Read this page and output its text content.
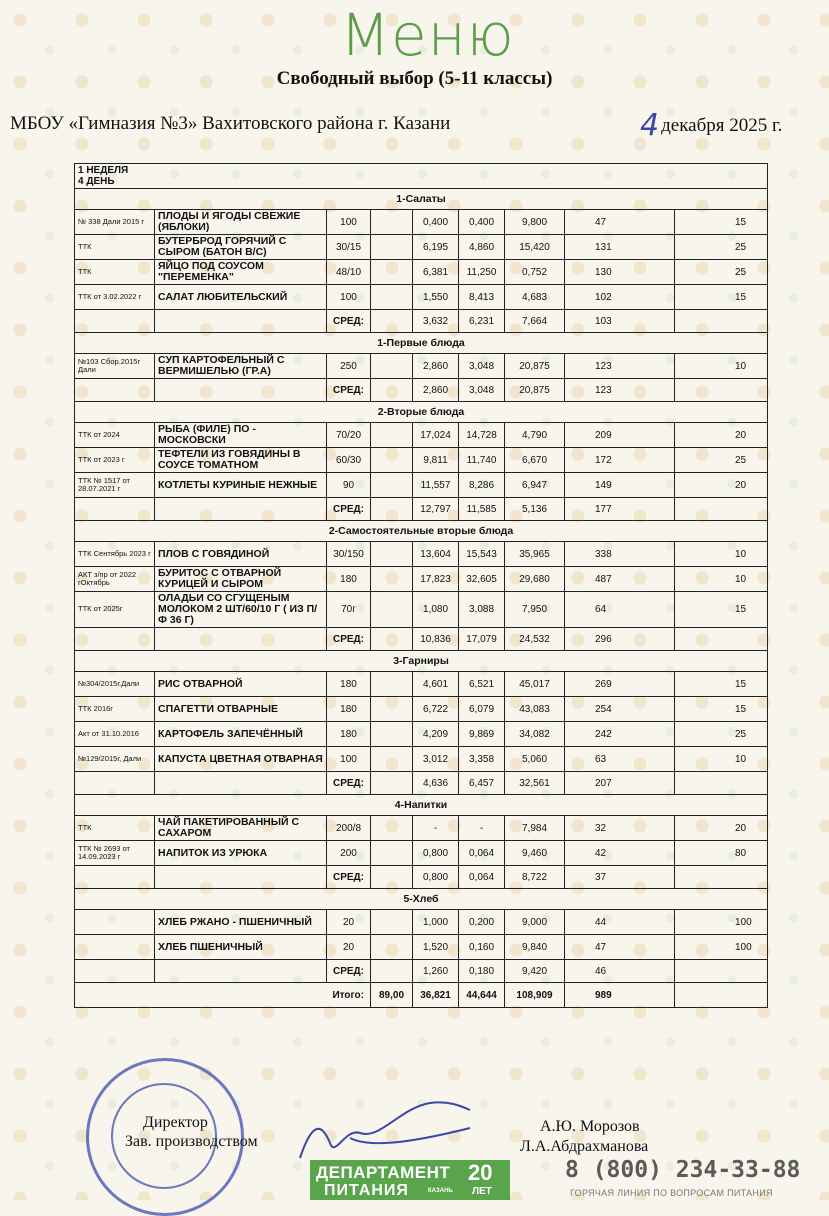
Меню
Свободный выбор (5-11 классы)
МБОУ «Гимназия №3» Вахитовского района г. Казани	4 декабря 2025 г.
1 НЕДЕЛЯ
4 ДЕНЬ								

1-Салаты								
№ 338 Дали 2015 г	ПЛОДЫ И ЯГОДЫ СВЕЖИЕ (ЯБЛОКИ)	100		0,400	0,400	9,800	47	15
ТТК	БУТЕРБРОД ГОРЯЧИЙ С СЫРОМ (БАТОН В/С)	30/15		6,195	4,860	15,420	131	25
ТТК	ЯЙЦО ПОД СОУСОМ "ПЕРЕМЕНКА"	48/10		6,381	11,250	0,752	130	25
ТТК от 3.02.2022 г	САЛАТ ЛЮБИТЕЛЬСКИЙ	100		1,550	8,413	4,683	102	15
		СРЕД:		3,632	6,231	7,664	103	
1-Первые блюда								
№103 Сбор.2015г Дали	СУП КАРТОФЕЛЬНЫЙ С ВЕРМИШЕЛЬЮ (ГР.А)	250		2,860	3,048	20,875	123	10
		СРЕД:		2,860	3,048	20,875	123	
2-Вторые блюда								
ТТК от 2024	РЫБА (ФИЛЕ) ПО - МОСКОВСКИ	70/20		17,024	14,728	4,790	209	20
ТТК от 2023 г	ТЕФТЕЛИ ИЗ ГОВЯДИНЫ В СОУСЕ ТОМАТНОМ	60/30		9,811	11,740	6,670	172	25
ТТК № 1517 от 28.07.2021 г	КОТЛЕТЫ КУРИНЫЕ НЕЖНЫЕ	90		11,557	8,286	6,947	149	20
		СРЕД:		12,797	11,585	5,136	177	
2-Самостоятельные вторые блюда								
ТТК Сентябрь 2023 г	ПЛОВ С ГОВЯДИНОЙ	30/150		13,604	15,543	35,965	338	10
АКТ з/пр от 2022 гОктябрь	БУРИТОС С ОТВАРНОЙ КУРИЦЕЙ И СЫРОМ	180		17,823	32,605	29,680	487	10
ТТК от 2025г	ОЛАДЬИ СО СГУЩЕНЫМ МОЛОКОМ 2 ШТ/60/10 Г ( ИЗ П/Ф 36 Г)	70г		1,080	3,088	7,950	64	15
		СРЕД:		10,836	17,079	24,532	296	
3-Гарниры								
№304/2015г.Дали	РИС ОТВАРНОЙ	180		4,601	6,521	45,017	269	15
ТТК 2016г	СПАГЕТТИ ОТВАРНЫЕ	180		6,722	6,079	43,083	254	15
Акт от 31.10.2016	КАРТОФЕЛЬ ЗАПЕЧЁННЫЙ	180		4,209	9,869	34,082	242	25
№129/2015г, Дали	КАПУСТА ЦВЕТНАЯ ОТВАРНАЯ	100		3,012	3,358	5,060	63	10
		СРЕД:		4,636	6,457	32,561	207	
4-Напитки								
ТТК	ЧАЙ ПАКЕТИРОВАННЫЙ С САХАРОМ	200/8		-	-	7,984	32	20
ТТК № 2693 от 14.09.2023 г	НАПИТОК ИЗ УРЮКА	200		0,800	0,064	9,460	42	80
		СРЕД:		0,800	0,064	8,722	37	
5-Хлеб								
	ХЛЕБ РЖАНО - ПШЕНИЧНЫЙ	20		1,000	0,200	9,000	44	100
	ХЛЕБ ПШЕНИЧНЫЙ	20		1,520	0,160	9,840	47	100
		СРЕД:		1,260	0,180	9,420	46	
Итого:			89,00	36,821	44,644	108,909	989	
Директор
Зав. производством
А.Ю. Морозов
Л.А.Абдрахманова
ДЕПАРТАМЕНТ
ПИТАНИЯ	КАЗАНЬ
20
ЛЕТ
8 (800) 234-33-88
ГОРЯЧАЯ ЛИНИЯ ПО ВОПРОСАМ ПИТАНИЯ
